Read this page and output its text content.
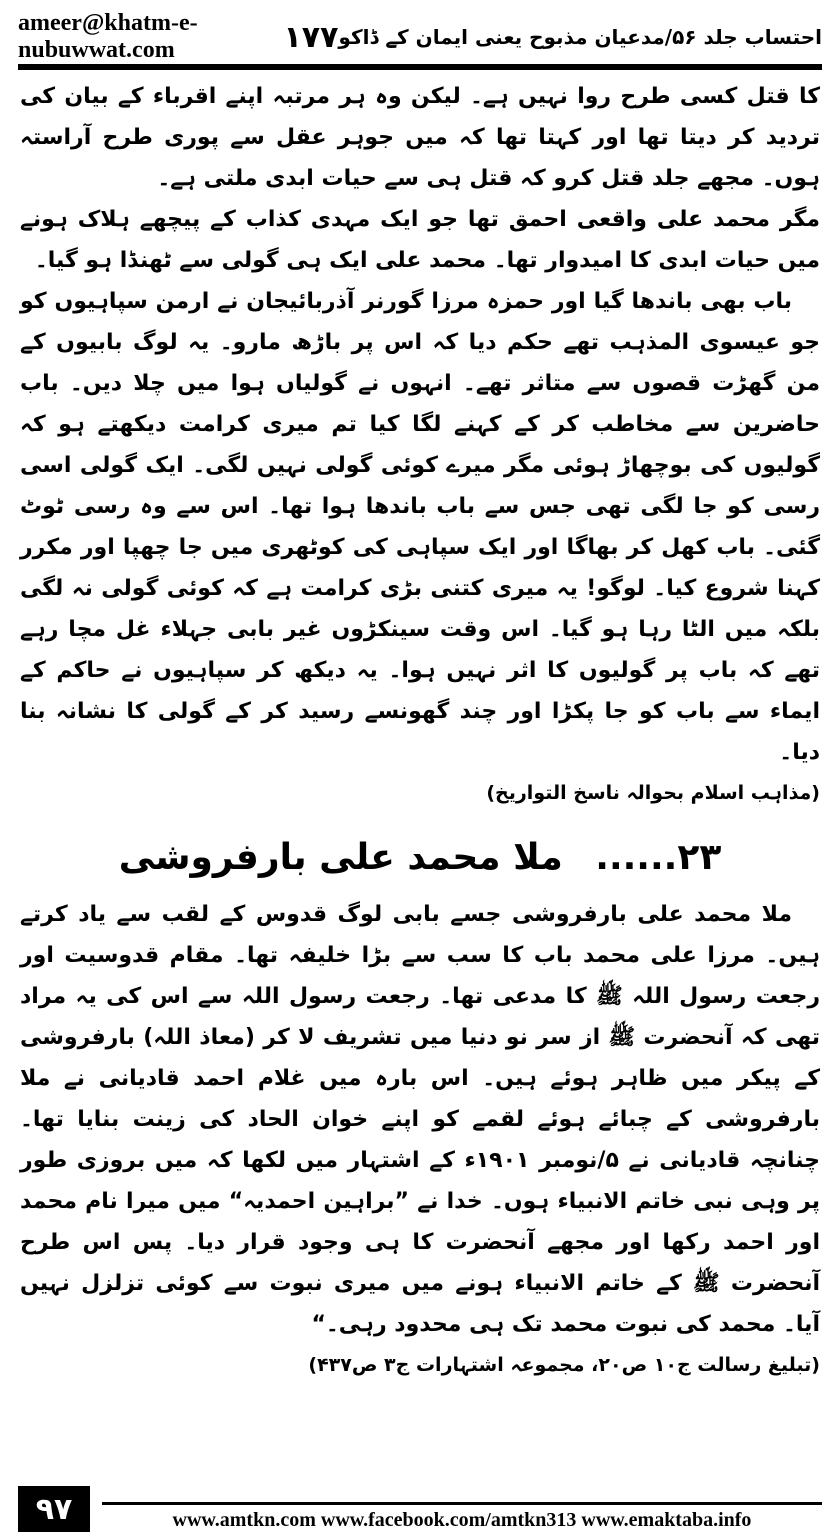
ameer@khatm-e-nubuwwat.com	۱۷۷ احتساب جلد ۵۶/مدعیان مذبوح یعنی ایمان کے ڈاکو

کا قتل کسی طرح روا نہیں ہے۔ لیکن وہ ہر مرتبہ اپنے اقرباء کے بیان کی تردید کر دیتا تھا اور کہتا تھا کہ میں جوہر عقل سے پوری طرح آراستہ ہوں۔ مجھے جلد قتل کرو کہ قتل ہی سے حیات ابدی ملتی ہے۔

مگر محمد علی واقعی احمق تھا جو ایک مہدی کذاب کے پیچھے ہلاک ہونے میں حیات ابدی کا امیدوار تھا۔ محمد علی ایک ہی گولی سے ٹھنڈا ہو گیا۔

باب بھی باندھا گیا اور حمزہ مرزا گورنر آذربائیجان نے ارمن سپاہیوں کو جو عیسوی المذہب تھے حکم دیا کہ اس پر باڑھ مارو۔ یہ لوگ بابیوں کے من گھڑت قصوں سے متاثر تھے۔ انہوں نے گولیاں ہوا میں چلا دیں۔ باب حاضرین سے مخاطب کر کے کہنے لگا کیا تم میری کرامت دیکھتے ہو کہ گولیوں کی بوچھاڑ ہوئی مگر میرے کوئی گولی نہیں لگی۔ ایک گولی اسی رسی کو جا لگی تھی جس سے باب باندھا ہوا تھا۔ اس سے وہ رسی ٹوٹ گئی۔ باب کھل کر بھاگا اور ایک سپاہی کی کوٹھری میں جا چھپا اور مکرر کہنا شروع کیا۔ لوگو! یہ میری کتنی بڑی کرامت ہے کہ کوئی گولی نہ لگی بلکہ میں الٹا رہا ہو گیا۔ اس وقت سینکڑوں غیر بابی جہلاء غل مچا رہے تھے کہ باب پر گولیوں کا اثر نہیں ہوا۔ یہ دیکھ کر سپاہیوں نے حاکم کے ایماء سے باب کو جا پکڑا اور چند گھونسے رسید کر کے گولی کا نشانہ بنا دیا۔

(مذاہب اسلام بحوالہ ناسخ التواریخ)

۲۳...... ملا محمد علی بارفروشی

ملا محمد علی بارفروشی جسے بابی لوگ قدوس کے لقب سے یاد کرتے ہیں۔ مرزا علی محمد باب کا سب سے بڑا خلیفہ تھا۔ مقام قدوسیت اور رجعت رسول اللہ ﷺ کا مدعی تھا۔ رجعت رسول اللہ سے اس کی یہ مراد تھی کہ آنحضرت ﷺ از سر نو دنیا میں تشریف لا کر (معاذ اللہ) بارفروشی کے پیکر میں ظاہر ہوئے ہیں۔ اس بارہ میں غلام احمد قادیانی نے ملا بارفروشی کے چبائے ہوئے لقمے کو اپنے خوان الحاد کی زینت بنایا تھا۔ چنانچہ قادیانی نے ۵/نومبر ۱۹۰۱ء کے اشتہار میں لکھا کہ میں بروزی طور پر وہی نبی خاتم الانبیاء ہوں۔ خدا نے ”براہین احمدیہ“ میں میرا نام محمد اور احمد رکھا اور مجھے آنحضرت کا ہی وجود قرار دیا۔ پس اس طرح آنحضرت ﷺ کے خاتم الانبیاء ہونے میں میری نبوت سے کوئی تزلزل نہیں آیا۔ محمد کی نبوت محمد تک ہی محدود رہی۔“

(تبلیغ رسالت ج۱۰ ص۲۰، مجموعہ اشتہارات ج۳ ص۴۳۷)

۹۷	www.amtkn.com www.facebook.com/amtkn313 www.emaktaba.info
